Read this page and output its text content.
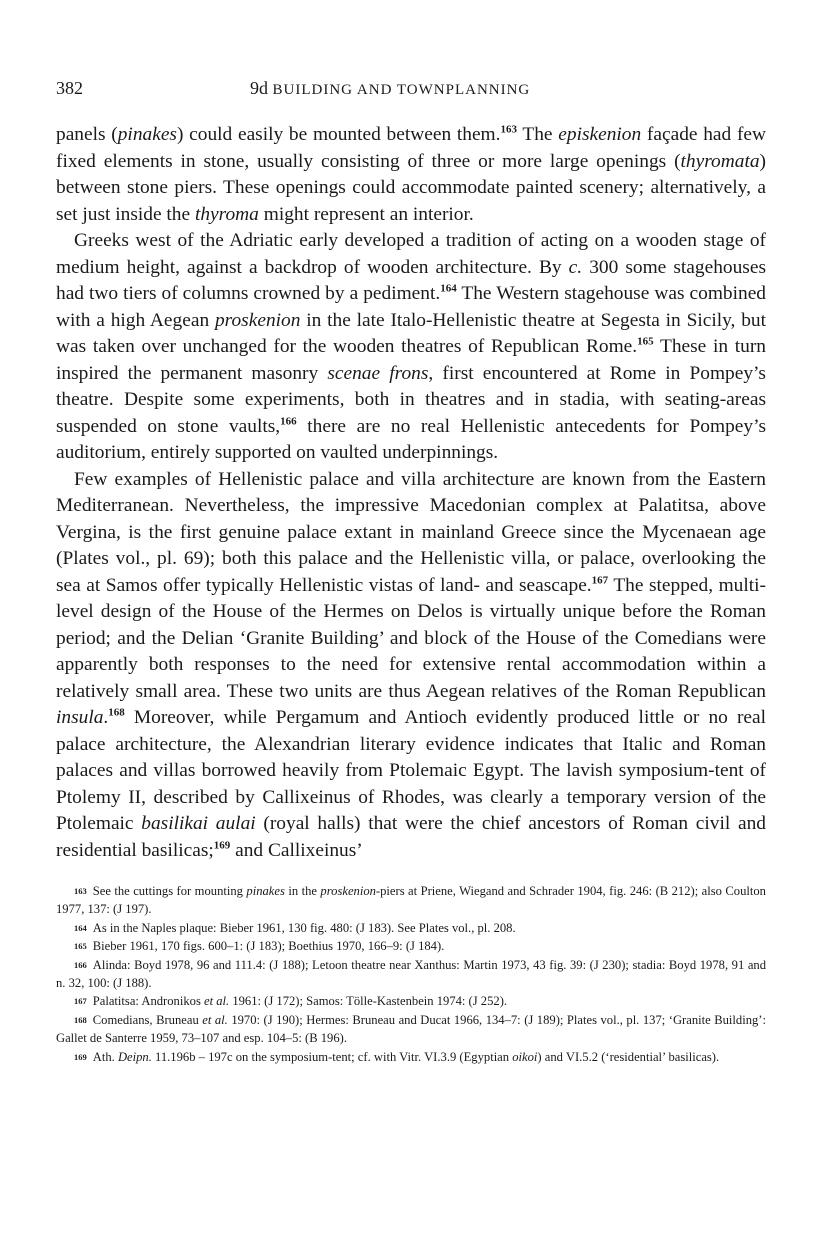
382	9d BUILDING AND TOWNPLANNING

panels (pinakes) could easily be mounted between them.$^{163}$ The episkenion façade had few fixed elements in stone, usually consisting of three or more large openings (thyromata) between stone piers. These openings could accommodate painted scenery; alternatively, a set just inside the thyroma might represent an interior.

Greeks west of the Adriatic early developed a tradition of acting on a wooden stage of medium height, against a backdrop of wooden architecture. By c. 300 some stagehouses had two tiers of columns crowned by a pediment.$^{164}$ The Western stagehouse was combined with a high Aegean proskenion in the late Italo-Hellenistic theatre at Segesta in Sicily, but was taken over unchanged for the wooden theatres of Republican Rome.$^{165}$ These in turn inspired the permanent masonry scenae frons, first encountered at Rome in Pompey’s theatre. Despite some experiments, both in theatres and in stadia, with seating-areas suspended on stone vaults,$^{166}$ there are no real Hellenistic antecedents for Pompey’s auditorium, entirely supported on vaulted underpinnings.

Few examples of Hellenistic palace and villa architecture are known from the Eastern Mediterranean. Nevertheless, the impressive Macedonian complex at Palatitsa, above Vergina, is the first genuine palace extant in mainland Greece since the Mycenaean age (Plates vol., pl. 69); both this palace and the Hellenistic villa, or palace, overlooking the sea at Samos offer typically Hellenistic vistas of land- and seascape.$^{167}$ The stepped, multi-level design of the House of the Hermes on Delos is virtually unique before the Roman period; and the Delian ‘Granite Building’ and block of the House of the Comedians were apparently both responses to the need for extensive rental accommodation within a relatively small area. These two units are thus Aegean relatives of the Roman Republican insula.$^{168}$ Moreover, while Pergamum and Antioch evidently produced little or no real palace architecture, the Alexandrian literary evidence indicates that Italic and Roman palaces and villas borrowed heavily from Ptolemaic Egypt. The lavish symposium-tent of Ptolemy II, described by Callixeinus of Rhodes, was clearly a temporary version of the Ptolemaic basilikai aulai (royal halls) that were the chief ancestors of Roman civil and residential basilicas;$^{169}$ and Callixeinus’

$^{163}$ See the cuttings for mounting pinakes in the proskenion-piers at Priene, Wiegand and Schrader 1904, fig. 246: (B 212); also Coulton 1977, 137: (J 197).

$^{164}$ As in the Naples plaque: Bieber 1961, 130 fig. 480: (J 183). See Plates vol., pl. 208.

$^{165}$ Bieber 1961, 170 figs. 600–1: (J 183); Boethius 1970, 166–9: (J 184).

$^{166}$ Alinda: Boyd 1978, 96 and 111.4: (J 188); Letoon theatre near Xanthus: Martin 1973, 43 fig. 39: (J 230); stadia: Boyd 1978, 91 and n. 32, 100: (J 188).

$^{167}$ Palatitsa: Andronikos et al. 1961: (J 172); Samos: Tölle-Kastenbein 1974: (J 252).

$^{168}$ Comedians, Bruneau et al. 1970: (J 190); Hermes: Bruneau and Ducat 1966, 134–7: (J 189); Plates vol., pl. 137; ‘Granite Building’: Gallet de Santerre 1959, 73–107 and esp. 104–5: (B 196).

$^{169}$ Ath. Deipn. 11.196b – 197c on the symposium-tent; cf. with Vitr. VI.3.9 (Egyptian oikoi) and VI.5.2 (‘residential’ basilicas).
